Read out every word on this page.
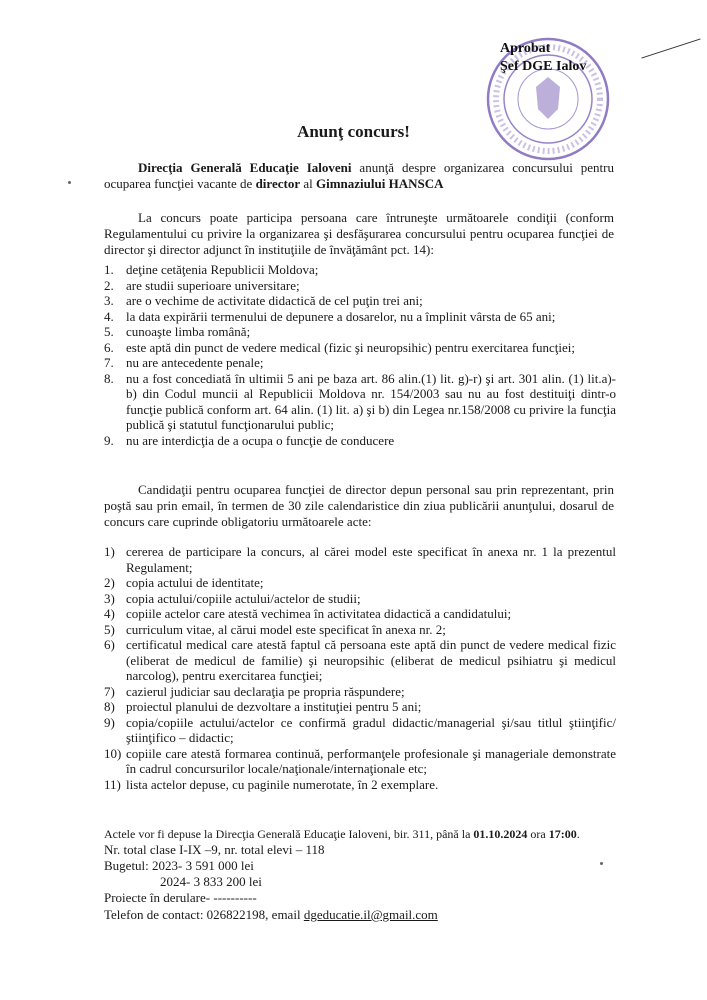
Aprobat
Şef DGE Ialov
Anunţ concurs!
Direcţia Generală Educaţie Ialoveni anunţă despre organizarea concursului pentru ocuparea funcţiei vacante de director al Gimnaziului HANSCA
La concurs poate participa persoana care întruneşte următoarele condiţii (conform Regulamentului cu privire la organizarea şi desfăşurarea concursului pentru ocuparea funcţiei de director şi director adjunct în instituţiile de învăţământ pct. 14):
1. deţine cetăţenia Republicii Moldova;
2. are studii superioare universitare;
3. are o vechime de activitate didactică de cel puţin trei ani;
4. la data expirării termenului de depunere a dosarelor, nu a împlinit vârsta de 65 ani;
5. cunoaşte limba română;
6. este aptă din punct de vedere medical (fizic şi neuropsihic) pentru exercitarea funcţiei;
7. nu are antecedente penale;
8. nu a fost concediată în ultimii 5 ani pe baza art. 86 alin.(1) lit. g)-r) şi art. 301 alin. (1) lit.a)-b) din Codul muncii al Republicii Moldova nr. 154/2003 sau nu au fost destituiţi dintr-o funcţie publică conform art. 64 alin. (1) lit. a) şi b) din Legea nr.158/2008 cu privire la funcţia publică şi statutul funcţionarului public;
9. nu are interdicţia de a ocupa o funcţie de conducere
Candidaţii pentru ocuparea funcţiei de director depun personal sau prin reprezentant, prin poştă sau prin email, în termen de 30 zile calendaristice din ziua publicării anunţului, dosarul de concurs care cuprinde obligatoriu următoarele acte:
1) cererea de participare la concurs, al cărei model este specificat în anexa nr. 1 la prezentul Regulament;
2) copia actului de identitate;
3) copia actului/copiile actului/actelor de studii;
4) copiile actelor care atestă vechimea în activitatea didactică a candidatului;
5) curriculum vitae, al cărui model este specificat în anexa nr. 2;
6) certificatul medical care atestă faptul că persoana este aptă din punct de vedere medical fizic (eliberat de medicul de familie) şi neuropsihic (eliberat de medicul psihiatru şi medicul narcolog), pentru exercitarea funcţiei;
7) cazierul judiciar sau declaraţia pe propria răspundere;
8) proiectul planului de dezvoltare a instituţiei pentru 5 ani;
9) copia/copiile actului/actelor ce confirmă gradul didactic/managerial şi/sau titlul ştiinţific/ştiinţifico – didactic;
10) copiile care atestă formarea continuă, performanţele profesionale şi manageriale demonstrate în cadrul concursurilor locale/naţionale/internaţionale etc;
11) lista actelor depuse, cu paginile numerotate, în 2 exemplare.
Actele vor fi depuse la Direcţia Generală Educaţie Ialoveni, bir. 311, până la 01.10.2024 ora 17:00.
Nr. total clase I-IX –9, nr. total elevi – 118
Bugetul: 2023- 3 591 000 lei
2024- 3 833 200 lei
Proiecte în derulare- ----------
Telefon de contact: 026822198, email dgeducatie.il@gmail.com
